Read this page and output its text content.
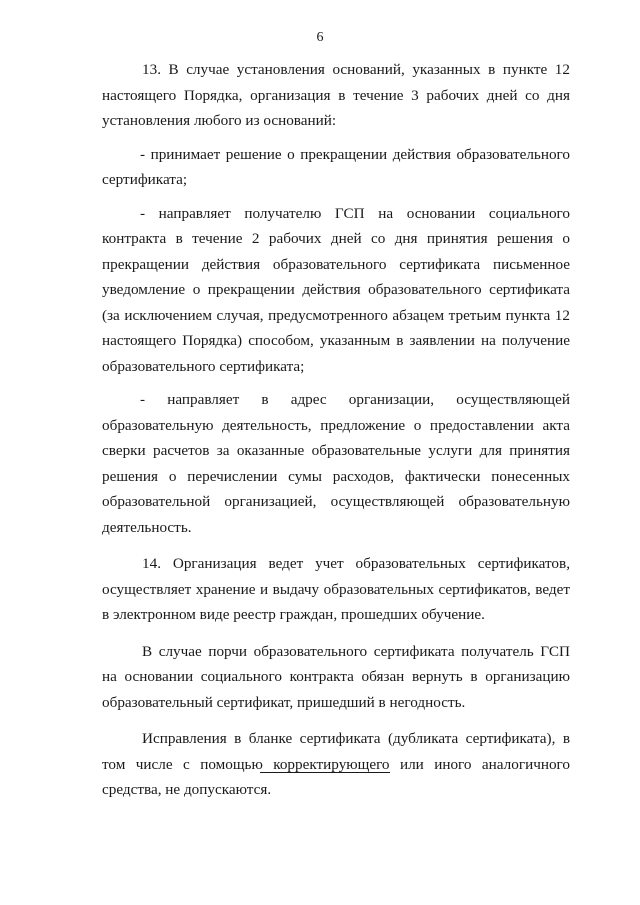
6

13. В случае установления оснований, указанных в пункте 12 настоящего Порядка, организация в течение 3 рабочих дней со дня установления любого из оснований:

- принимает решение о прекращении действия образовательного сертификата;

- направляет получателю ГСП на основании социального контракта в течение 2 рабочих дней со дня принятия решения о прекращении действия образовательного сертификата письменное уведомление о прекращении действия образовательного сертификата (за исключением случая, предусмотренного абзацем третьим пункта 12 настоящего Порядка) способом, указанным в заявлении на получение образовательного сертификата;

- направляет в адрес организации, осуществляющей образовательную деятельность, предложение о предоставлении акта сверки расчетов за оказанные образовательные услуги для принятия решения о перечислении сумы расходов, фактически понесенных образовательной организацией, осуществляющей образовательную деятельность.

14. Организация ведет учет образовательных сертификатов, осуществляет хранение и выдачу образовательных сертификатов, ведет в электронном виде реестр граждан, прошедших обучение.

В случае порчи образовательного сертификата получатель ГСП на основании социального контракта обязан вернуть в организацию образовательный сертификат, пришедший в негодность.

Исправления в бланке сертификата (дубликата сертификата), в том числе с помощью корректирующего или иного аналогичного средства, не допускаются.
